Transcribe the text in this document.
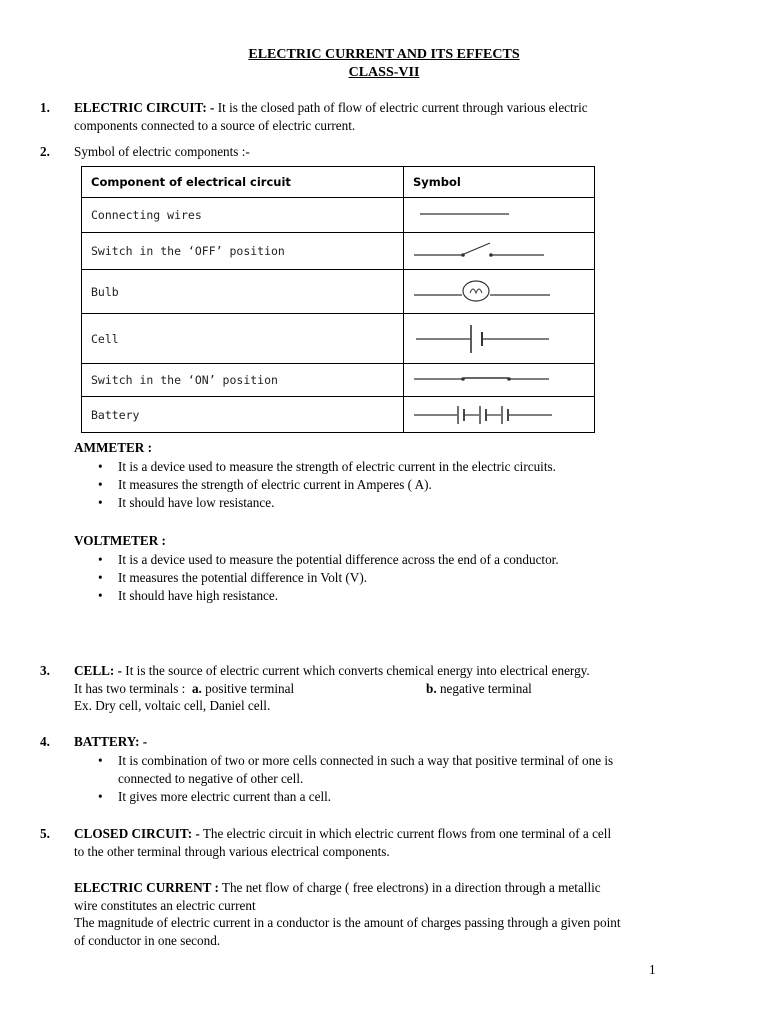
ELECTRIC CURRENT AND ITS EFFECTS
CLASS-VII
1. ELECTRIC CIRCUIT: - It is the closed path of flow of electric current through various electric
components connected to a source of electric current.
2. Symbol of electric components :-
Component of electrical circuit	Symbol
Connecting wires	

Switch in the ‘OFF’ position	

Bulb	

Cell	

Switch in the ‘ON’ position	

Battery	
AMMETER :
• It is a device used to measure the strength of electric current in the electric circuits.
• It measures the strength of electric current in Amperes ( A).
• It should have low resistance.
VOLTMETER :
• It is a device used to measure the potential difference across the end of a conductor.
• It measures the potential difference in Volt (V).
• It should have high resistance.
3. CELL: - It is the source of electric current which converts chemical energy into electrical energy.
It has two terminals :  a. positive terminal	b. negative terminal
Ex. Dry cell, voltaic cell, Daniel cell.
4. BATTERY: -
• It is combination of two or more cells connected in such a way that positive terminal of one is
connected to negative of other cell.
• It gives more electric current than a cell.
5. CLOSED CIRCUIT: - The electric circuit in which electric current flows from one terminal of a cell
to the other terminal through various electrical components.
ELECTRIC CURRENT : The net flow of charge ( free electrons) in a direction through a metallic
wire constitutes an electric current
The magnitude of electric current in a conductor is the amount of charges passing through a given point
of conductor in one second.
1
